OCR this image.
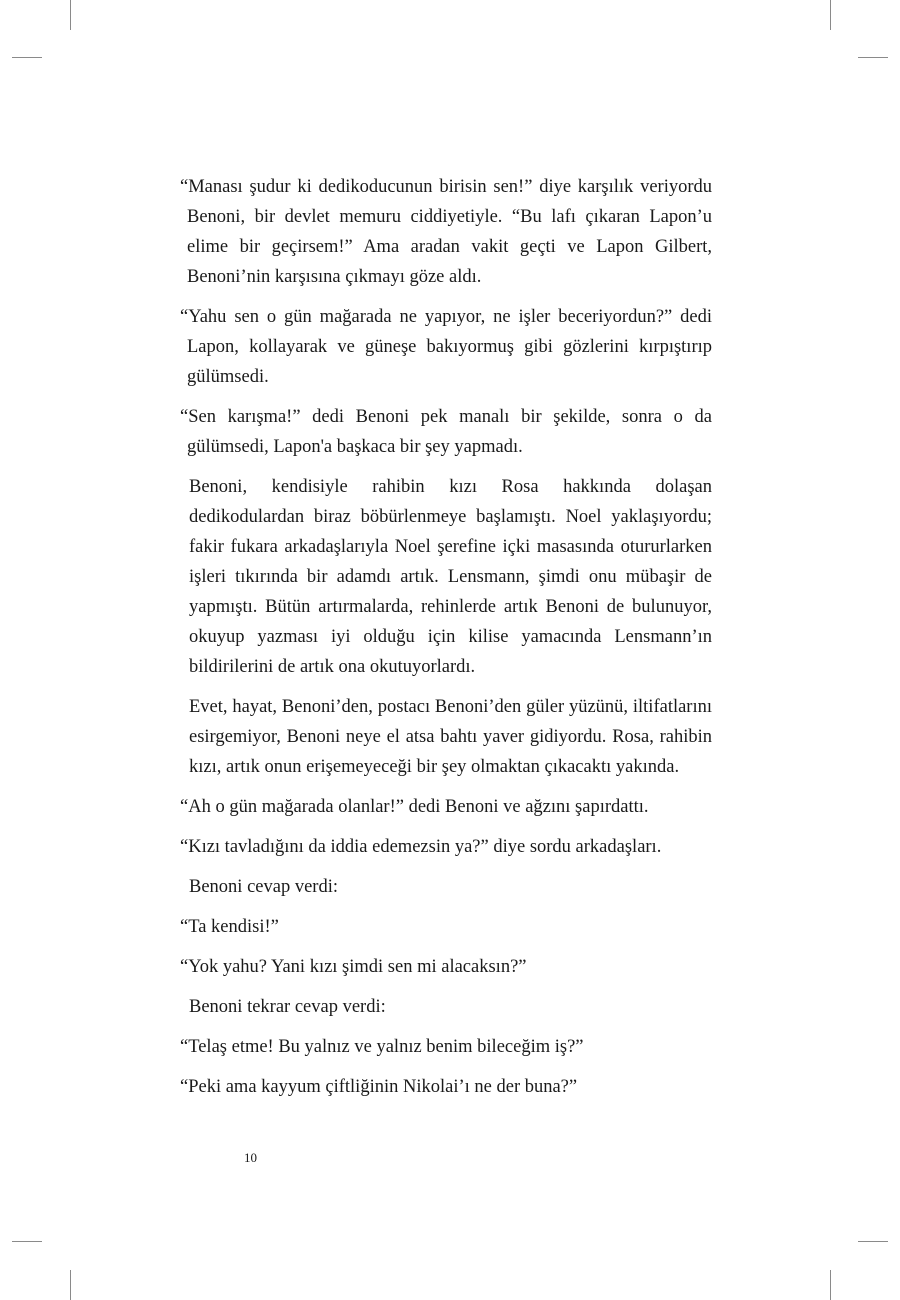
“Manası şudur ki dedikoducunun birisin sen!” diye karşılık veriyordu Benoni, bir devlet memuru ciddiyetiyle. “Bu lafı çıkaran Lapon’u elime bir geçirsem!” Ama aradan vakit geçti ve Lapon Gilbert, Benoni’nin karşısına çıkmayı göze aldı.

“Yahu sen o gün mağarada ne yapıyor, ne işler beceriyordun?” dedi Lapon, kollayarak ve güneşe bakıyormuş gibi gözlerini kırpıştırıp gülümsedi.

“Sen karışma!” dedi Benoni pek manalı bir şekilde, sonra o da gülümsedi, Lapon'a başkaca bir şey yapmadı.

Benoni, kendisiyle rahibin kızı Rosa hakkında dolaşan dedikodulardan biraz böbürlenmeye başlamıştı. Noel yaklaşıyordu; fakir fukara arkadaşlarıyla Noel şerefine içki masasında otururlarken işleri tıkırında bir adamdı artık. Lensmann, şimdi onu mübaşir de yapmıştı. Bütün artırmalarda, rehinlerde artık Benoni de bulunuyor, okuyup yazması iyi olduğu için kilise yamacında Lensmann’ın bildirilerini de artık ona okutuyorlardı.

Evet, hayat, Benoni’den, postacı Benoni’den güler yüzünü, iltifatlarını esirgemiyor, Benoni neye el atsa bahtı yaver gidiyordu. Rosa, rahibin kızı, artık onun erişemeyeceği bir şey olmaktan çıkacaktı yakında.

“Ah o gün mağarada olanlar!” dedi Benoni ve ağzını şapırdattı.

“Kızı tavladığını da iddia edemezsin ya?” diye sordu arkadaşları.

Benoni cevap verdi:

“Ta kendisi!”

“Yok yahu? Yani kızı şimdi sen mi alacaksın?”

Benoni tekrar cevap verdi:

“Telaş etme! Bu yalnız ve yalnız benim bileceğim iş?”

“Peki ama kayyum çiftliğinin Nikolai’ı ne der buna?”

10
